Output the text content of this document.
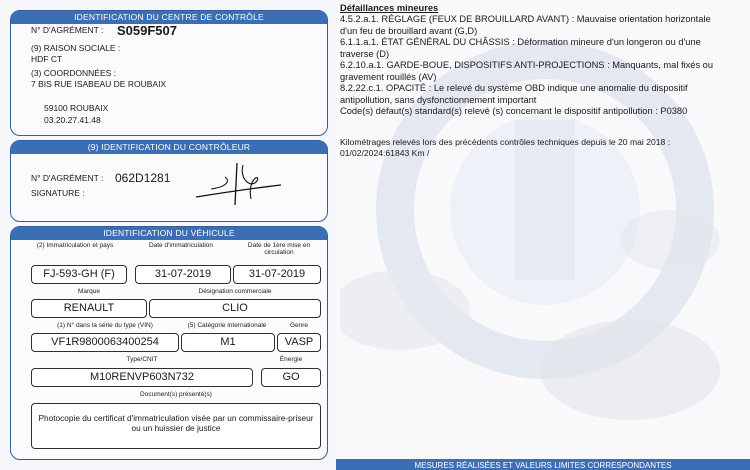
IDENTIFICATION DU CENTRE DE CONTRÔLE
N° D'AGRÉMENT : S059F507
(9) RAISON SOCIALE :
HDF CT
(3) COORDONNÉES :
7 BIS RUE ISABEAU DE ROUBAIX
59100 ROUBAIX
03.20.27.41.48
(9) IDENTIFICATION DU CONTRÔLEUR
N° D'AGRÉMENT : 062D1281
SIGNATURE :
IDENTIFICATION DU VÉHICULE
(2) Immatriculation et pays	Date d'immatriculation	Date de 1ère mise en circulation
FJ-593-GH (F)	31-07-2019	31-07-2019
Marque	Désignation commerciale
RENAULT	CLIO
(1) N° dans la série du type (VIN)	(5) Catégorie internationale	Genre
VF1R9800063400254	M1	VASP
Type/CNIT	Énergie
M10RENVP603N732	GO
Document(s) présenté(s)
Photocopie du certificat d'immatriculation visée par un commissaire-priseur
ou un huissier de justice
Défaillances mineures
4.5.2.a.1. RÉGLAGE (FEUX DE BROUILLARD AVANT) : Mauvaise orientation horizontale
d'un feu de brouillard avant (G,D)
6.1.1.a.1. ÉTAT GÉNÉRAL DU CHÂSSIS : Déformation mineure d'un longeron ou d'une
traverse (D)
6.2.10.a.1. GARDE-BOUE, DISPOSITIFS ANTI-PROJECTIONS : Manquants, mal fixés ou
gravement rouillés (AV)
8.2.22.c.1. OPACITÉ : Le relevé du système OBD indique une anomalie du dispositif
antipollution, sans dysfonctionnement important
Code(s) défaut(s) standard(s) relevé (s) concernant le dispositif antipollution : P0380
Kilométrages relevés lors des précédents contrôles techniques depuis le 20 mai 2018 :
01/02/2024:61843 Km /
MESURES RÉALISÉES ET VALEURS LIMITES CORRESPONDANTES
